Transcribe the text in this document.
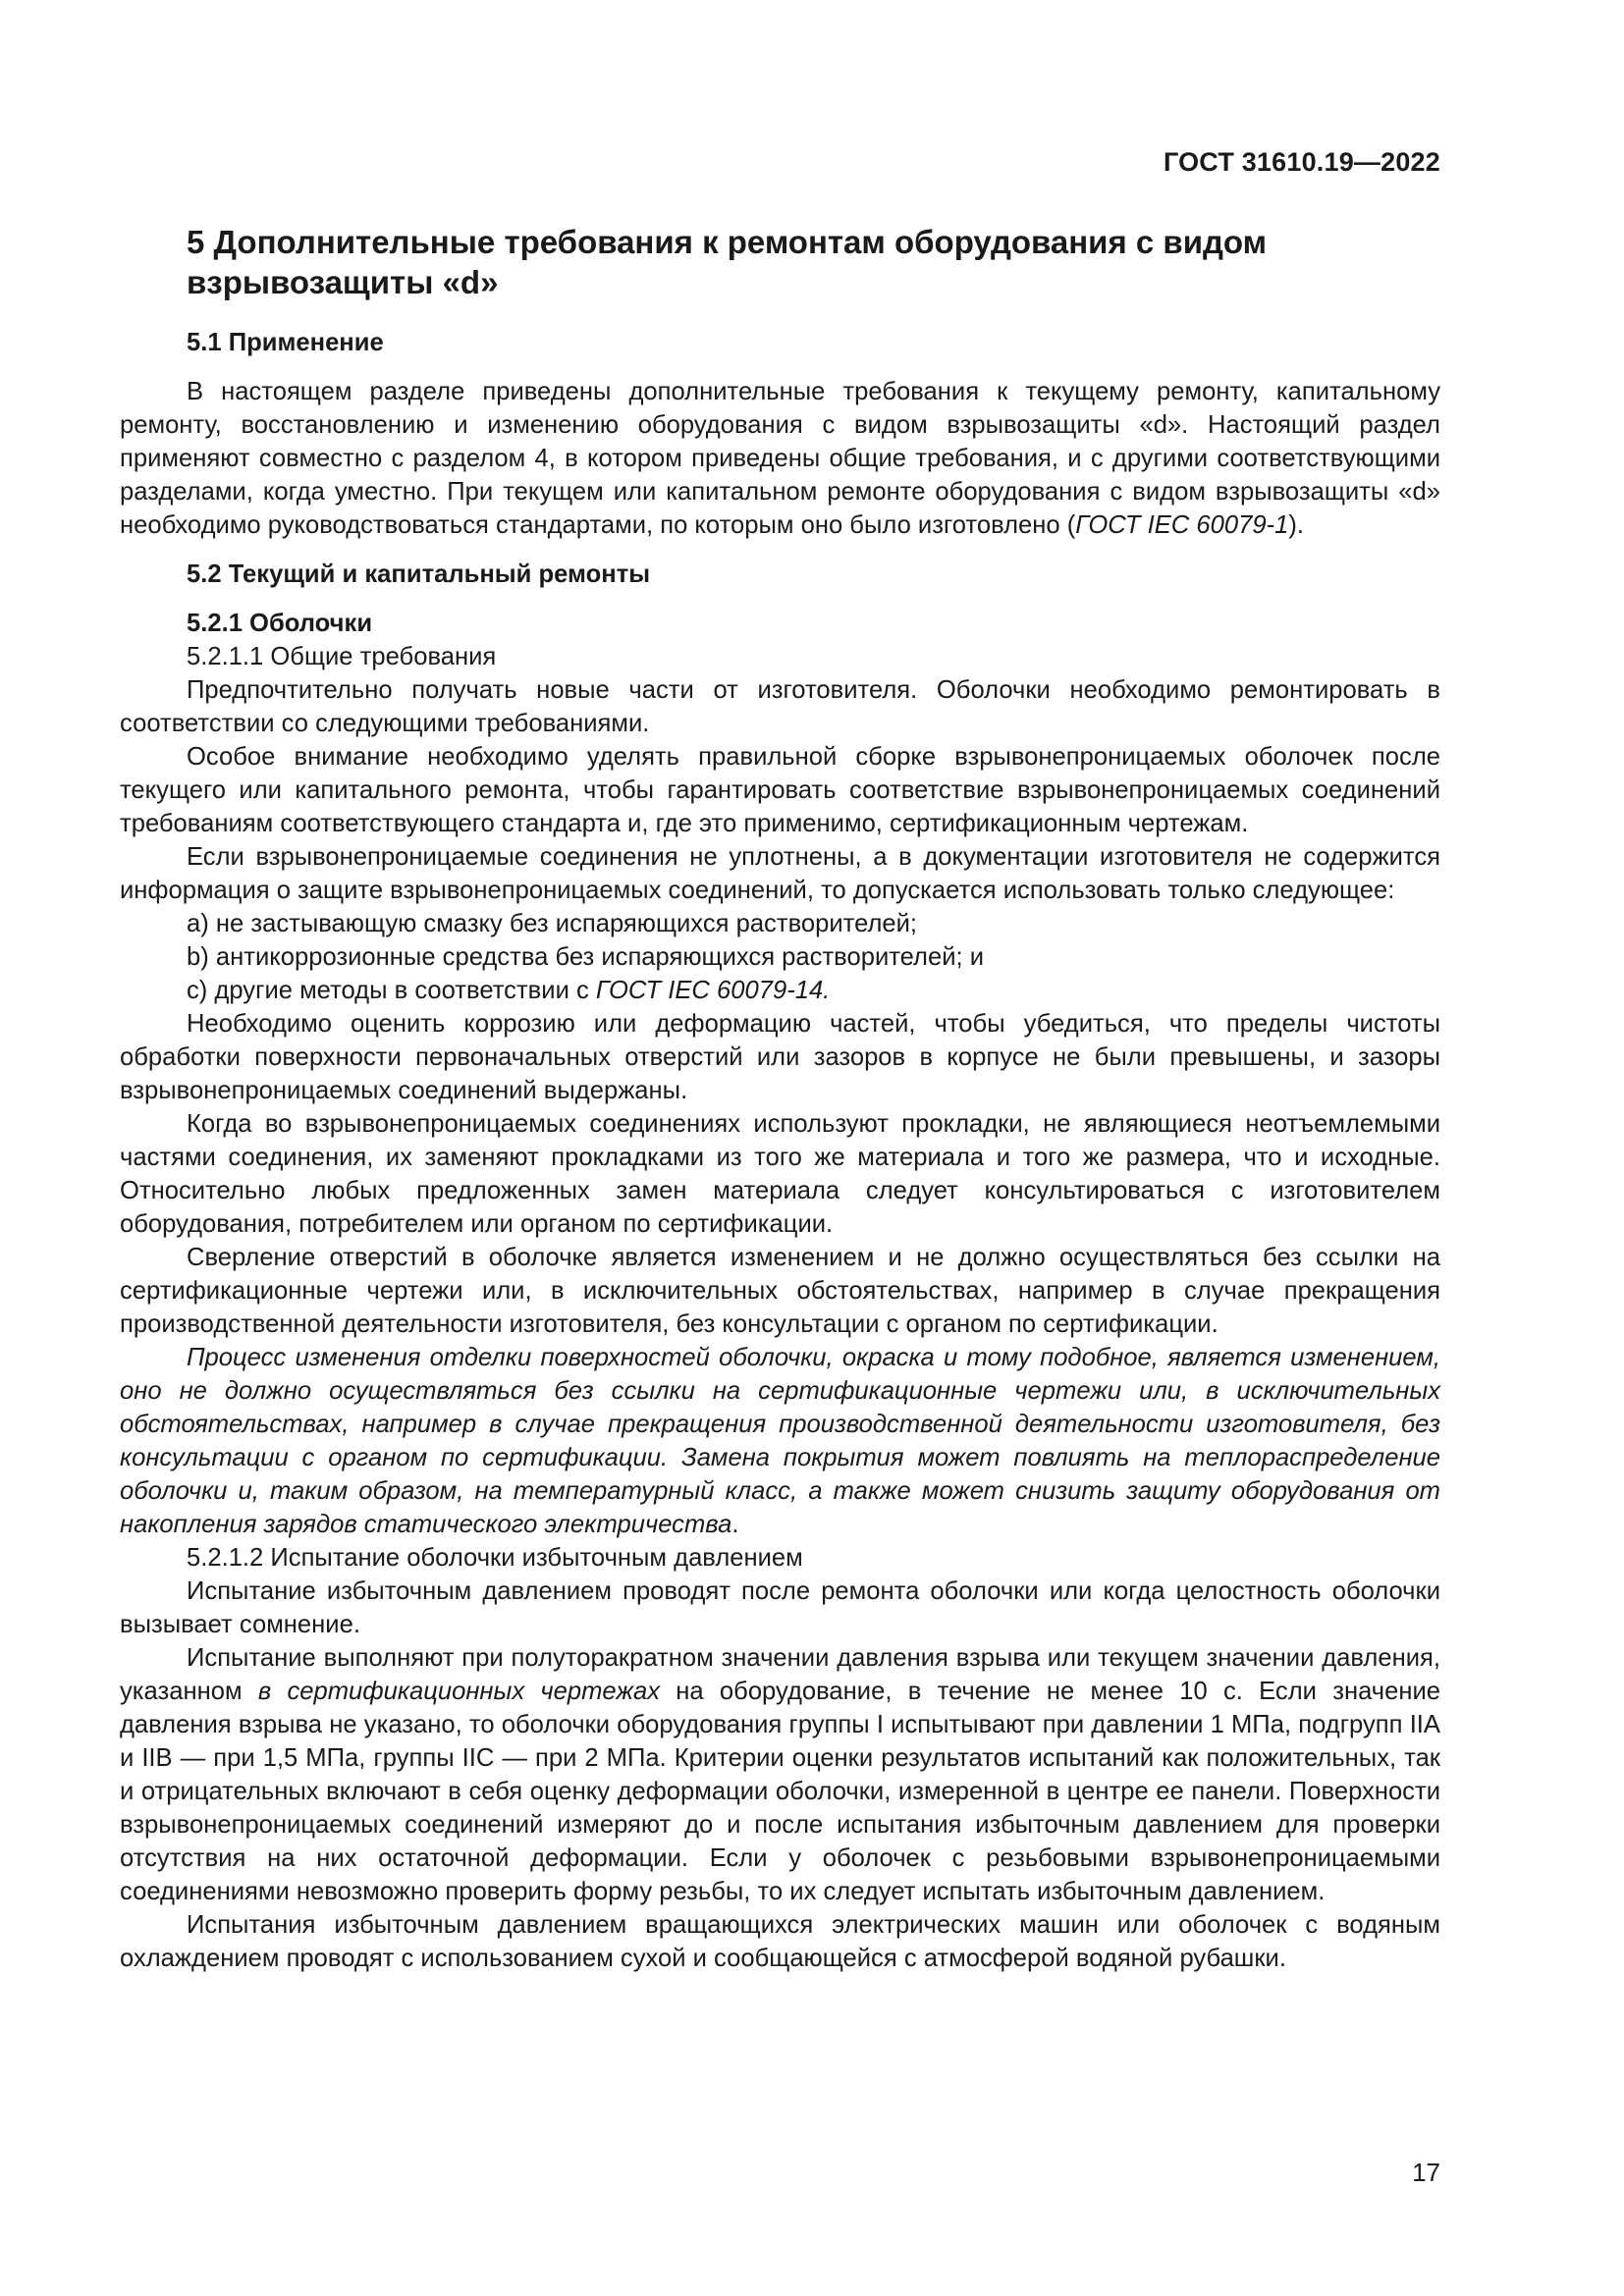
ГОСТ 31610.19—2022
5 Дополнительные требования к ремонтам оборудования с видом взрывозащиты «d»

5.1 Применение

В настоящем разделе приведены дополнительные требования к текущему ремонту, капитальному ремонту, восстановлению и изменению оборудования с видом взрывозащиты «d». Настоящий раздел применяют совместно с разделом 4, в котором приведены общие требования, и с другими соответствующими разделами, когда уместно. При текущем или капитальном ремонте оборудования с видом взрывозащиты «d» необходимо руководствоваться стандартами, по которым оно было изготовлено (ГОСТ IEC 60079-1).

5.2 Текущий и капитальный ремонты

5.2.1 Оболочки

5.2.1.1 Общие требования

Предпочтительно получать новые части от изготовителя. Оболочки необходимо ремонтировать в соответствии со следующими требованиями.

Особое внимание необходимо уделять правильной сборке взрывонепроницаемых оболочек после текущего или капитального ремонта, чтобы гарантировать соответствие взрывонепроницаемых соединений требованиям соответствующего стандарта и, где это применимо, сертификационным чертежам.

Если взрывонепроницаемые соединения не уплотнены, а в документации изготовителя не содержится информация о защите взрывонепроницаемых соединений, то допускается использовать только следующее:

a) не застывающую смазку без испаряющихся растворителей;

b) антикоррозионные средства без испаряющихся растворителей; и

c) другие методы в соответствии с ГОСТ IEC 60079-14.

Необходимо оценить коррозию или деформацию частей, чтобы убедиться, что пределы чистоты обработки поверхности первоначальных отверстий или зазоров в корпусе не были превышены, и зазоры взрывонепроницаемых соединений выдержаны.

Когда во взрывонепроницаемых соединениях используют прокладки, не являющиеся неотъемлемыми частями соединения, их заменяют прокладками из того же материала и того же размера, что и исходные. Относительно любых предложенных замен материала следует консультироваться с изготовителем оборудования, потребителем или органом по сертификации.

Сверление отверстий в оболочке является изменением и не должно осуществляться без ссылки на сертификационные чертежи или, в исключительных обстоятельствах, например в случае прекращения производственной деятельности изготовителя, без консультации с органом по сертификации.

Процесс изменения отделки поверхностей оболочки, окраска и тому подобное, является изменением, оно не должно осуществляться без ссылки на сертификационные чертежи или, в исключительных обстоятельствах, например в случае прекращения производственной деятельности изготовителя, без консультации с органом по сертификации. Замена покрытия может повлиять на теплораспределение оболочки и, таким образом, на температурный класс, а также может снизить защиту оборудования от накопления зарядов статического электричества.

5.2.1.2 Испытание оболочки избыточным давлением

Испытание избыточным давлением проводят после ремонта оболочки или когда целостность оболочки вызывает сомнение.

Испытание выполняют при полуторакратном значении давления взрыва или текущем значении давления, указанном в сертификационных чертежах на оборудование, в течение не менее 10 с. Если значение давления взрыва не указано, то оболочки оборудования группы I испытывают при давлении 1 МПа, подгрупп IIA и IIB — при 1,5 МПа, группы IIC — при 2 МПа. Критерии оценки результатов испытаний как положительных, так и отрицательных включают в себя оценку деформации оболочки, измеренной в центре ее панели. Поверхности взрывонепроницаемых соединений измеряют до и после испытания избыточным давлением для проверки отсутствия на них остаточной деформации. Если у оболочек с резьбовыми взрывонепроницаемыми соединениями невозможно проверить форму резьбы, то их следует испытать избыточным давлением.

Испытания избыточным давлением вращающихся электрических машин или оболочек с водяным охлаждением проводят с использованием сухой и сообщающейся с атмосферой водяной рубашки.

17
